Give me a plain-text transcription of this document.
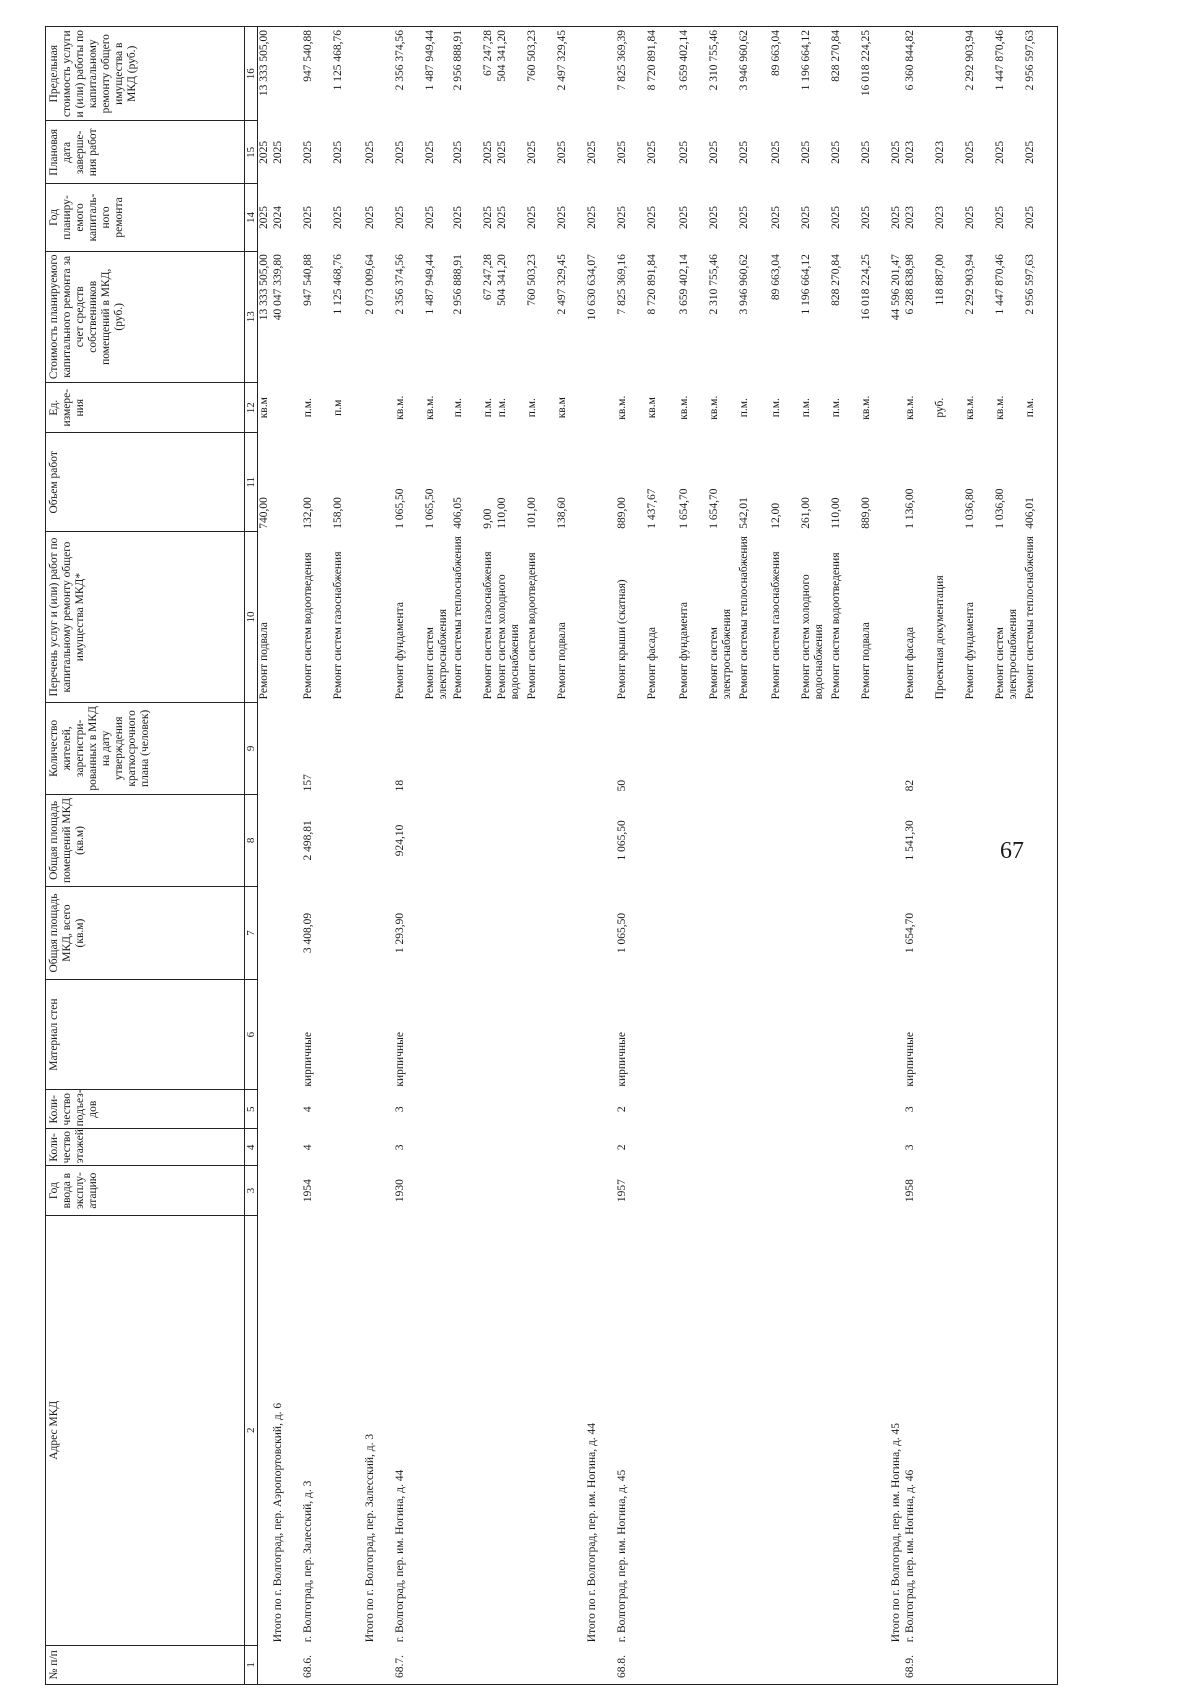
67
№ п/п	Адрес МКД	Год ввода в эксплу-атацию	Коли-чество этажей	Коли-чество подъез-дов	Материал стен	Общая площадь МКД, всего (кв.м)	Общая площадь помещений МКД (кв.м)	Количество жителей, зарегистри-рованных в МКД на дату утверждения краткосрочного плана (человек)	Перечень услуг и (или) работ по капитальному ремонту общего имущества МКД*	Объем работ	Ед. измере-ния	Стоимость планируемого капитального ремонта за счет средств собственников помещений в МКД, (руб.)	Год планиру-емого капиталь-ного ремонта	Плановая дата заверше-ния работ	Предельная стоимость услуги и (или) работы по капитальному ремонту общего имущества в МКД (руб.)
1	2	3	4	5	6	7	8	9	10	11	12	13	14	15	16
									Ремонт подвала	740,00	кв.м	13 333 505,00	2025	2025	13 333 505,00
	Итого по г. Волгоград, пер. Аэропортовский, д. 6											40 047 339,80	2024	2025	
68.6.	г. Волгоград, пер. Залесский, д. 3	1954	4	4	кирпичные	3 408,09	2 498,81	157	Ремонт систем водоотведения	132,00	п.м.	947 540,88	2025	2025	947 540,88
									Ремонт систем газоснабжения	158,00	п.м	1 125 468,76	2025	2025	1 125 468,76
	Итого по г. Волгоград, пер. Залесский, д. 3											2 073 009,64	2025	2025	
68.7.	г. Волгоград, пер. им. Ногина, д. 44	1930	3	3	кирпичные	1 293,90	924,10	18	Ремонт фундамента	1 065,50	кв.м.	2 356 374,56	2025	2025	2 356 374,56
									Ремонт систем электроснабжения	1 065,50	кв.м.	1 487 949,44	2025	2025	1 487 949,44
									Ремонт системы теплоснабжения	406,05	п.м.	2 956 888,91	2025	2025	2 956 888,91
									Ремонт систем газоснабжения	9,00	п.м.	67 247,28	2025	2025	67 247,28
									Ремонт систем холодного водоснабжения	110,00	п.м.	504 341,20	2025	2025	504 341,20
									Ремонт систем водоотведения	101,00	п.м.	760 503,23	2025	2025	760 503,23
									Ремонт подвала	138,60	кв.м	2 497 329,45	2025	2025	2 497 329,45
	Итого по г. Волгоград, пер. им. Ногина, д. 44											10 630 634,07	2025	2025	
68.8.	г. Волгоград, пер. им. Ногина, д. 45	1957	2	2	кирпичные	1 065,50	1 065,50	50	Ремонт крыши (скатная)	889,00	кв.м.	7 825 369,16	2025	2025	7 825 369,39
									Ремонт фасада	1 437,67	кв.м	8 720 891,84	2025	2025	8 720 891,84
									Ремонт фундамента	1 654,70	кв.м.	3 659 402,14	2025	2025	3 659 402,14
									Ремонт систем электроснабжения	1 654,70	кв.м.	2 310 755,46	2025	2025	2 310 755,46
									Ремонт системы теплоснабжения	542,01	п.м.	3 946 960,62	2025	2025	3 946 960,62
									Ремонт систем газоснабжения	12,00	п.м.	89 663,04	2025	2025	89 663,04
									Ремонт систем холодного водоснабжения	261,00	п.м.	1 196 664,12	2025	2025	1 196 664,12
									Ремонт систем водоотведения	110,00	п.м.	828 270,84	2025	2025	828 270,84
									Ремонт подвала	889,00	кв.м.	16 018 224,25	2025	2025	16 018 224,25
	Итого по г. Волгоград, пер. им. Ногина, д. 45											44 596 201,47	2025	2025	
68.9.	г. Волгоград, пер. им. Ногина, д. 46	1958	3	3	кирпичные	1 654,70	1 541,30	82	Ремонт фасада	1 136,00	кв.м.	6 288 838,98	2023	2023	6 360 844,82
									Проектная документация		руб.	118 887,00	2023	2023	
									Ремонт фундамента	1 036,80	кв.м.	2 292 903,94	2025	2025	2 292 903,94
									Ремонт систем электроснабжения	1 036,80	кв.м.	1 447 870,46	2025	2025	1 447 870,46
									Ремонт системы теплоснабжения	406,01	п.м.	2 956 597,63	2025	2025	2 956 597,63
